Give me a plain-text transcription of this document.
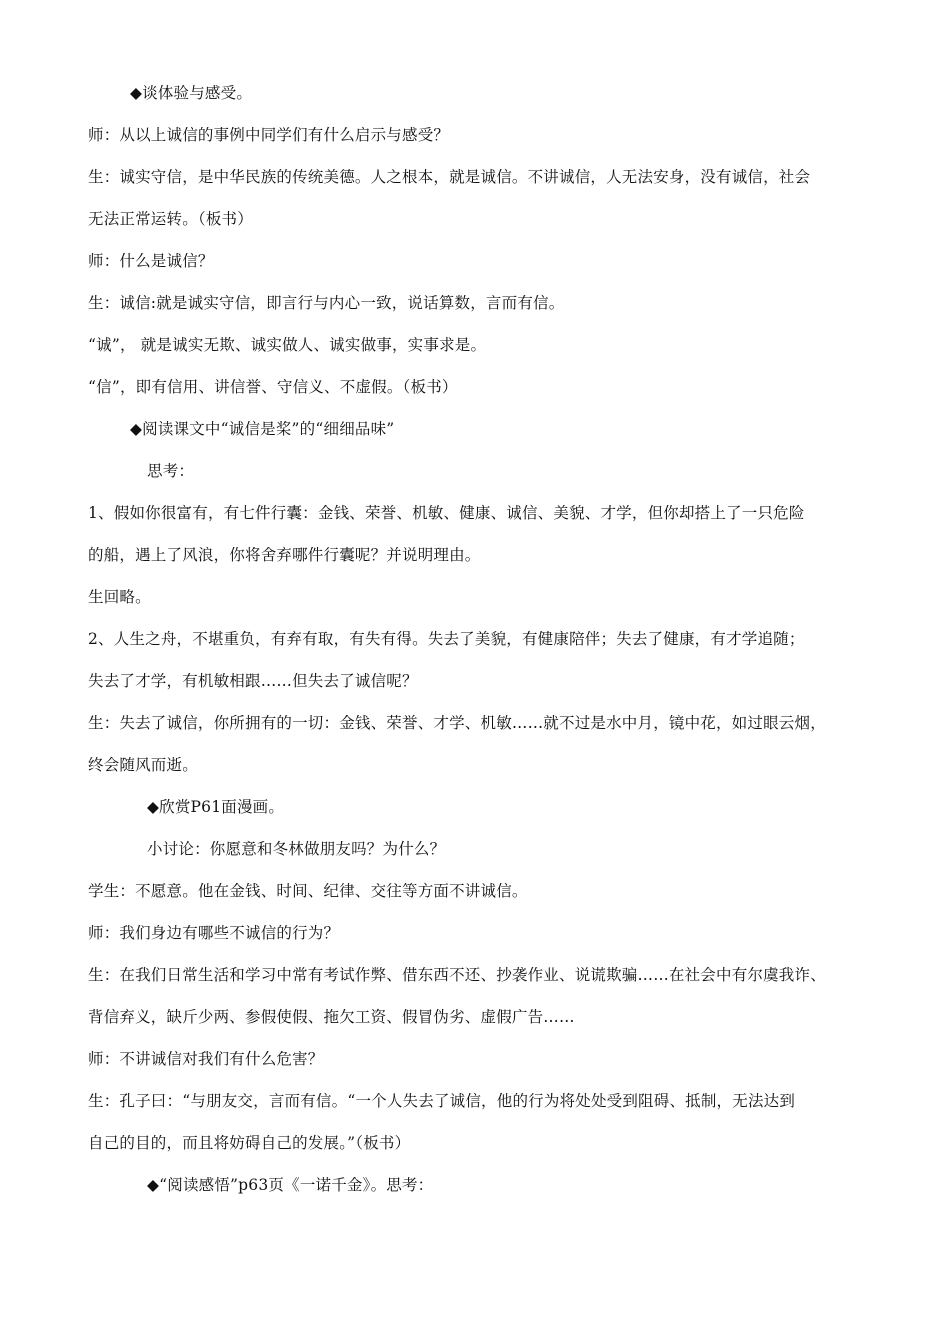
◆谈体验与感受。
师：从以上诚信的事例中同学们有什么启示与感受？
生：诚实守信，是中华民族的传统美德。人之根本，就是诚信。不讲诚信，人无法安身，没有诚信，社会
无法正常运转。（板书）
师：什么是诚信？
生：诚信:就是诚实守信，即言行与内心一致，说话算数，言而有信。
“诚”， 就是诚实无欺、诚实做人、诚实做事，实事求是。
“信”，即有信用、讲信誉、守信义、不虚假。（板书）
◆阅读课文中“诚信是桨”的“细细品味”
思考：
1、假如你很富有，有七件行囊：金钱、荣誉、机敏、健康、诚信、美貌、才学，但你却搭上了一只危险
的船，遇上了风浪，你将舍弃哪件行囊呢？并说明理由。
生回略。
2、人生之舟，不堪重负，有弃有取，有失有得。失去了美貌，有健康陪伴；失去了健康，有才学追随；
失去了才学，有机敏相跟……但失去了诚信呢？
生：失去了诚信，你所拥有的一切：金钱、荣誉、才学、机敏……就不过是水中月，镜中花，如过眼云烟，
终会随风而逝。
◆欣赏P61面漫画。
小讨论：你愿意和冬林做朋友吗？为什么？
学生：不愿意。他在金钱、时间、纪律、交往等方面不讲诚信。
师：我们身边有哪些不诚信的行为？
生：在我们日常生活和学习中常有考试作弊、借东西不还、抄袭作业、说谎欺骗……在社会中有尔虞我诈、
背信弃义，缺斤少两、参假使假、拖欠工资、假冒伪劣、虚假广告……
师：不讲诚信对我们有什么危害？
生：孔子曰：“与朋友交，言而有信。“一个人失去了诚信，他的行为将处处受到阻碍、抵制，无法达到
自己的目的，而且将妨碍自己的发展。”（板书）
◆“阅读感悟”p63页《一诺千金》。思考：
